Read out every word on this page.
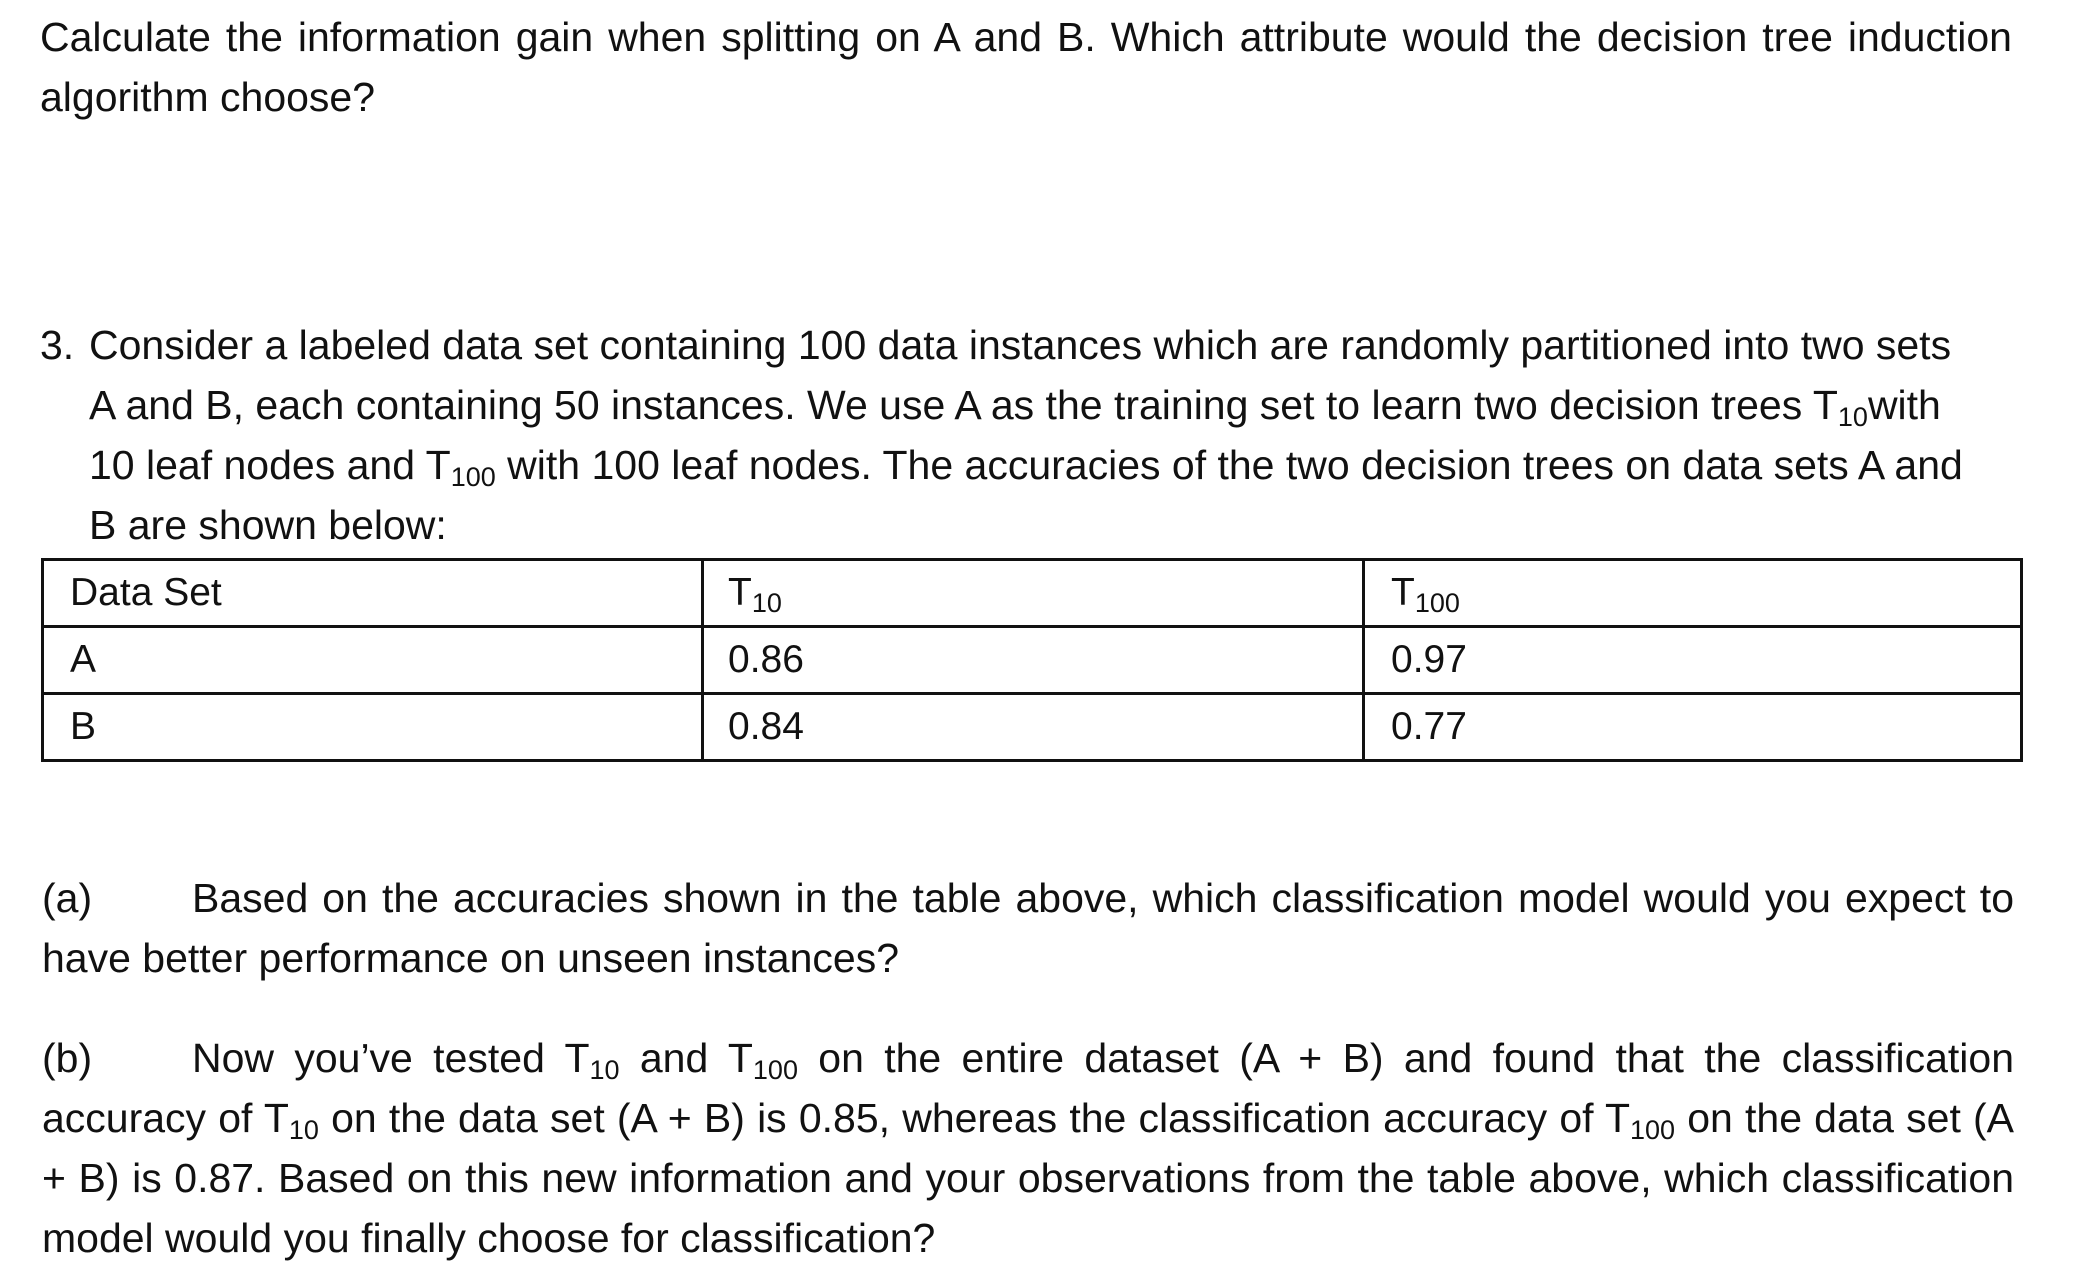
Calculate the information gain when splitting on A and B. Which attribute would the decision tree induction algorithm choose?

3. Consider a labeled data set containing 100 data instances which are randomly partitioned into two sets
A and B, each containing 50 instances. We use A as the training set to learn two decision trees $T_{10}with$
10 leaf nodes and $T_{100}$ with 100 leaf nodes. The accuracies of the two decision trees on data sets A and
B are shown below:
Data Set	$T_{10}$	$T_{100}$
A	0.86	0.97
B	0.84	0.77

(a) Based on the accuracies shown in the table above, which classification model would you expect to have better performance on unseen instances?

(b) Now you’ve tested $T_{10}$ and $T_{100}$ on the entire dataset (A + B) and found that the classification accuracy of $T_{10}$ on the data set (A + B) is 0.85, whereas the classification accuracy of $T_{100}$ on the data set (A + B) is 0.87. Based on this new information and your observations from the table above, which classification model would you finally choose for classification?
